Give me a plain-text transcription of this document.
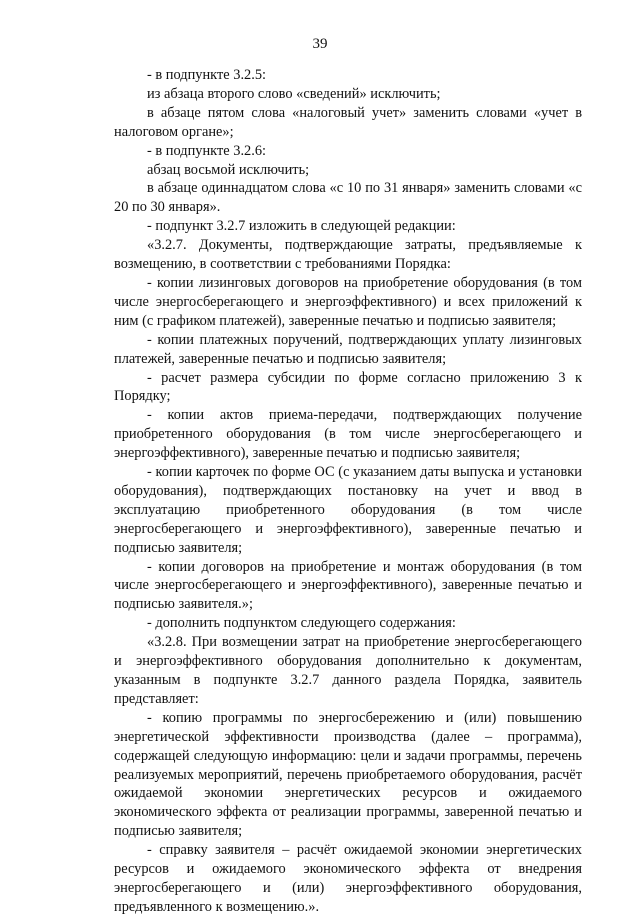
39

- в подпункте 3.2.5:

из абзаца второго слово «сведений» исключить;

в абзаце пятом слова «налоговый учет» заменить словами «учет в налоговом органе»;

- в подпункте 3.2.6:

абзац восьмой исключить;

в абзаце одиннадцатом слова «с 10 по 31 января» заменить словами «с 20 по 30 января».

- подпункт 3.2.7 изложить в следующей редакции:

«3.2.7. Документы, подтверждающие затраты, предъявляемые к возмещению, в соответствии с требованиями Порядка:

- копии лизинговых договоров на приобретение оборудования (в том числе энергосберегающего и энергоэффективного) и всех приложений к ним (с графиком платежей), заверенные печатью и подписью заявителя;

- копии платежных поручений, подтверждающих уплату лизинговых платежей, заверенные печатью и подписью заявителя;

- расчет размера субсидии по форме согласно приложению 3 к Порядку;

- копии актов приема-передачи, подтверждающих получение приобретенного оборудования (в том числе энергосберегающего и энергоэффективного), заверенные печатью и подписью заявителя;

- копии карточек по форме ОС (с указанием даты выпуска и установки оборудования), подтверждающих постановку на учет и ввод в эксплуатацию приобретенного оборудования (в том числе энергосберегающего и энергоэффективного), заверенные печатью и подписью заявителя;

- копии договоров на приобретение и монтаж оборудования (в том числе энергосберегающего и энергоэффективного), заверенные печатью и подписью заявителя.»;

- дополнить подпунктом следующего содержания:

«3.2.8. При возмещении затрат на приобретение энергосберегающего и энергоэффективного оборудования дополнительно к документам, указанным в подпункте 3.2.7 данного раздела Порядка, заявитель представляет:

- копию программы по энергосбережению и (или) повышению энергетической эффективности производства (далее – программа), содержащей следующую информацию: цели и задачи программы, перечень реализуемых мероприятий, перечень приобретаемого оборудования, расчёт ожидаемой экономии энергетических ресурсов и ожидаемого экономического эффекта от реализации программы, заверенной печатью и подписью заявителя;

- справку заявителя – расчёт ожидаемой экономии энергетических ресурсов и ожидаемого экономического эффекта от внедрения энергосберегающего и (или) энергоэффективного оборудования, предъявленного к возмещению.».
